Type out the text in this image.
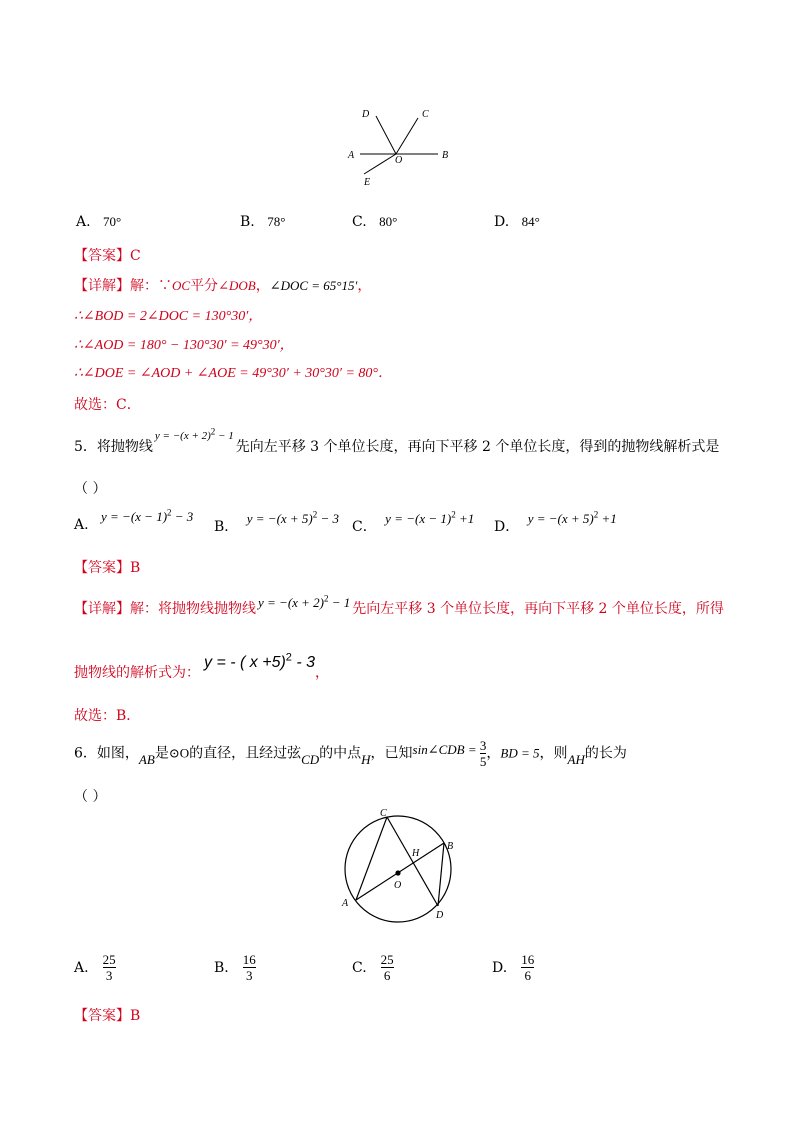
D	C
A	O	B
E
A. 70°	B. 78°	C. 80°	D. 84°
【答案】C
【详解】解：∵OC平分∠DOB，∠DOC = 65°15′，
∴∠BOD = 2∠DOC = 130°30′，
∴∠AOD = 180° − 130°30′ = 49°30′，
∴∠DOE = ∠AOD + ∠AOE = 49°30′ + 30°30′ = 80°．
故选：C．
5．将抛物线$^{y = -(x + 2)^2 - 1}$先向左平移 3 个单位长度，再向下平移 2 个单位长度，得到的抛物线解析式是
（ ）
A. $y = -(x - 1)^2 - 3$
B． $y = -(x + 5)^2 - 3$
C． $y = -(x - 1)^2 +1$
D． $y = -(x + 5)^2 +1$
【答案】B
【详解】解：将抛物线抛物线 $y = -(x + 2)^2 - 1$ 先向左平移 3 个单位长度，再向下平移 2 个单位长度，所得
抛物线的解析式为：y = - ( x +5)$^2$ - 3，
故选：B．
6．如图，AB是⊙O的直径，且经过弦CD的中点H，已知sin∠CDB = $\frac{3}{5}$ ，BD = 5，则AH的长为
（ ）
C
H
B
O
A
D
A. $\frac{25}{3}$	B. $\frac{16}{3}$	C. $\frac{25}{6}$	D. $\frac{16}{6}$
【答案】B
